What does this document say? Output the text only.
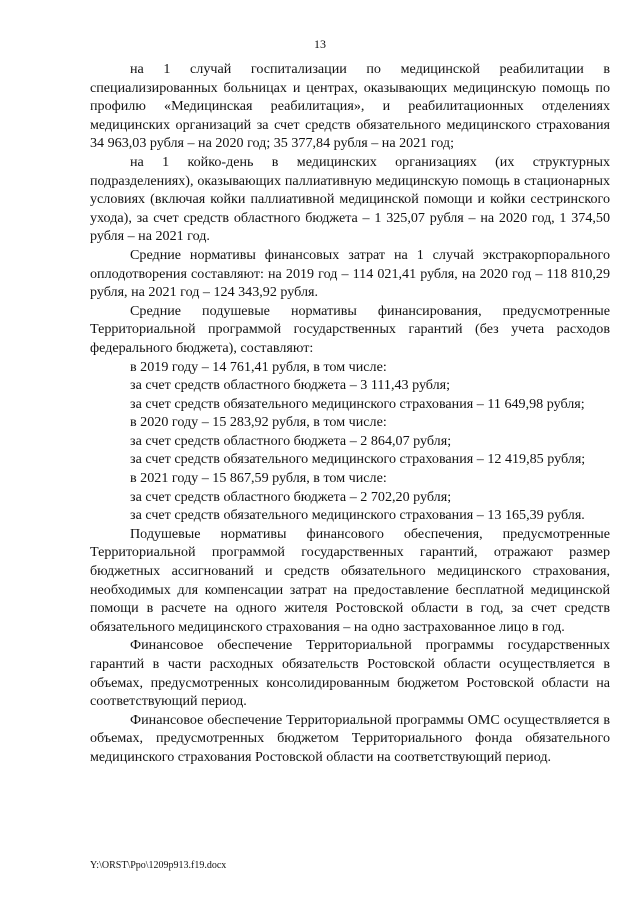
13

на 1 случай госпитализации по медицинской реабилитации в специализированных больницах и центрах, оказывающих медицинскую помощь по профилю «Медицинская реабилитация», и реабилитационных отделениях медицинских организаций за счет средств обязательного медицинского страхования 34 963,03 рубля – на 2020 год; 35 377,84 рубля – на 2021 год;

на 1 койко-день в медицинских организациях (их структурных подразделениях), оказывающих паллиативную медицинскую помощь в стационарных условиях (включая койки паллиативной медицинской помощи и койки сестринского ухода), за счет средств областного бюджета – 1 325,07 рубля – на 2020 год, 1 374,50 рубля – на 2021 год.

Средние нормативы финансовых затрат на 1 случай экстракорпорального оплодотворения составляют: на 2019 год – 114 021,41 рубля, на 2020 год – 118 810,29 рубля, на 2021 год – 124 343,92 рубля.

Средние подушевые нормативы финансирования, предусмотренные Территориальной программой государственных гарантий (без учета расходов федерального бюджета), составляют:

в 2019 году – 14 761,41 рубля, в том числе:

за счет средств областного бюджета – 3 111,43 рубля;

за счет средств обязательного медицинского страхования – 11 649,98 рубля;

в 2020 году – 15 283,92 рубля, в том числе:

за счет средств областного бюджета – 2 864,07 рубля;

за счет средств обязательного медицинского страхования – 12 419,85 рубля;

в 2021 году – 15 867,59 рубля, в том числе:

за счет средств областного бюджета – 2 702,20 рубля;

за счет средств обязательного медицинского страхования – 13 165,39 рубля.

Подушевые нормативы финансового обеспечения, предусмотренные Территориальной программой государственных гарантий, отражают размер бюджетных ассигнований и средств обязательного медицинского страхования, необходимых для компенсации затрат на предоставление бесплатной медицинской помощи в расчете на одного жителя Ростовской области в год, за счет средств обязательного медицинского страхования – на одно застрахованное лицо в год.

Финансовое обеспечение Территориальной программы государственных гарантий в части расходных обязательств Ростовской области осуществляется в объемах, предусмотренных консолидированным бюджетом Ростовской области на соответствующий период.

Финансовое обеспечение Территориальной программы ОМС осуществляется в объемах, предусмотренных бюджетом Территориального фонда обязательного медицинского страхования Ростовской области на соответствующий период.

Y:\ORST\Ppo\1209p913.f19.docx
